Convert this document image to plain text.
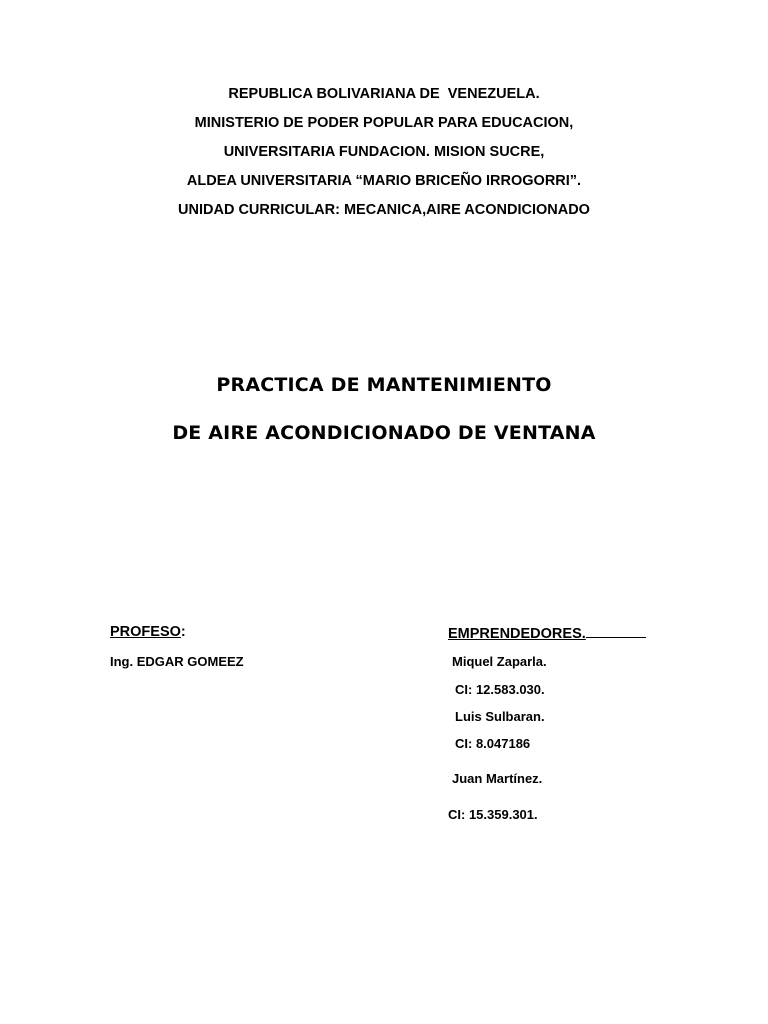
REPUBLICA BOLIVARIANA DE  VENEZUELA.
MINISTERIO DE PODER POPULAR PARA EDUCACION,
UNIVERSITARIA FUNDACION. MISION SUCRE,
ALDEA UNIVERSITARIA “MARIO BRICEÑO IRROGORRI”.
UNIDAD CURRICULAR: MECANICA,AIRE ACONDICIONADO
PRACTICA DE MANTENIMIENTO
DE AIRE ACONDICIONADO DE VENTANA
PROFESO:
Ing. EDGAR GOMEEZ
EMPRENDEDORES.
Miquel Zaparla.
CI: 12.583.030.
Luis Sulbaran.
CI: 8.047186
Juan Martínez.
CI: 15.359.301.
